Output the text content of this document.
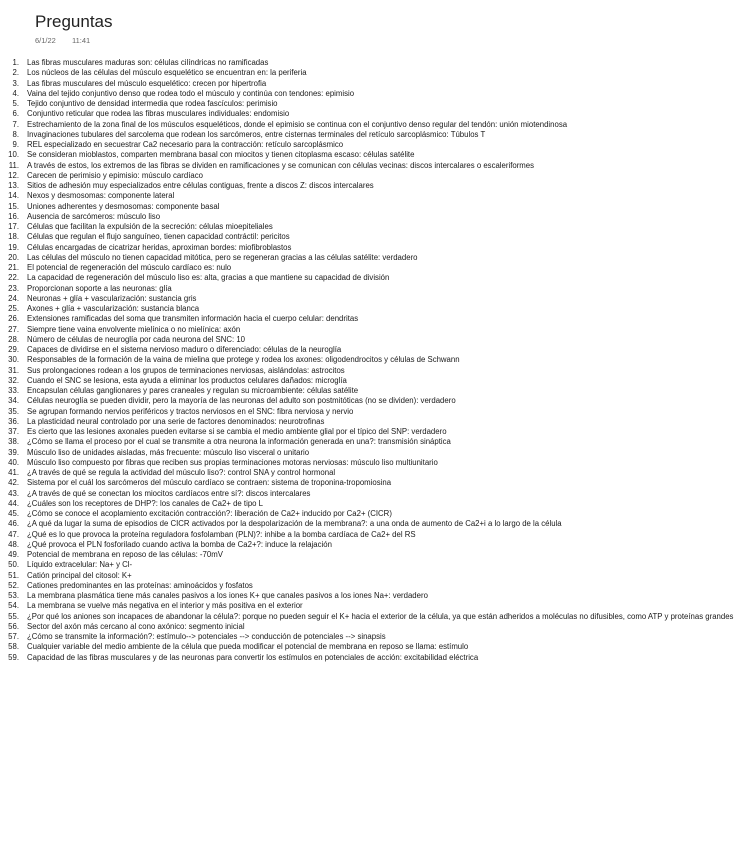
Preguntas
6/1/22 11:41
1. Las fibras musculares maduras son: células cilíndricas no ramificadas
2. Los núcleos de las células del músculo esquelético se encuentran en: la periferia
3. Las fibras musculares del músculo esquelético: crecen por hipertrofia
4. Vaina del tejido conjuntivo denso que rodea todo el músculo y continúa con tendones: epimisio
5. Tejido conjuntivo de densidad intermedia que rodea fascículos: perimisio
6. Conjuntivo reticular que rodea las fibras musculares individuales: endomisio
7. Estrechamiento de la zona final de los músculos esqueléticos, donde el epimisio se continua con el conjuntivo denso regular del tendón: unión miotendinosa
8. Invaginaciones tubulares del sarcolema que rodean los sarcómeros, entre cisternas terminales del retículo sarcoplásmico: Túbulos T
9. REL especializado en secuestrar Ca2 necesario para la contracción: retículo sarcoplásmico
10. Se consideran mioblastos, comparten membrana basal con miocitos y tienen citoplasma escaso: células satélite
11. A través de estos, los extremos de las fibras se dividen en ramificaciones y se comunican con células vecinas: discos intercalares o escaleriformes
12. Carecen de perimisio y epimisio: músculo cardíaco
13. Sitios de adhesión muy especializados entre células contiguas, frente a discos Z: discos intercalares
14. Nexos y desmosomas: componente lateral
15. Uniones adherentes y desmosomas: componente basal
16. Ausencia de sarcómeros: músculo liso
17. Células que facilitan la expulsión de la secreción: células mioepiteliales
18. Células que regulan el flujo sanguíneo, tienen capacidad contráctil: pericitos
19. Células encargadas de cicatrizar heridas, aproximan bordes: miofibroblastos
20. Las células del músculo no tienen capacidad mitótica, pero se regeneran gracias a las células satélite: verdadero
21. El potencial de regeneración del músculo cardíaco es: nulo
22. La capacidad de regeneración del músculo liso es: alta, gracias a que mantiene su capacidad de división
23. Proporcionan soporte a las neuronas: glía
24. Neuronas + glía + vascularización: sustancia gris
25. Axones + glía + vascularización: sustancia blanca
26. Extensiones ramificadas del soma que transmiten información hacia el cuerpo celular: dendritas
27. Siempre tiene vaina envolvente mielínica o no mielínica: axón
28. Número de células de neuroglía por cada neurona del SNC: 10
29. Capaces de dividirse en el sistema nervioso maduro o diferenciado: células de la neuroglía
30. Responsables de la formación de la vaina de mielina que protege y rodea los axones: oligodendrocitos y células de Schwann
31. Sus prolongaciones rodean a los grupos de terminaciones nerviosas, aislándolas: astrocitos
32. Cuando el SNC se lesiona, esta ayuda a eliminar los productos celulares dañados: microglía
33. Encapsulan células ganglionares y pares craneales y regulan su microambiente: células satélite
34. Células neuroglía se pueden dividir, pero la mayoría de las neuronas del adulto son postmitóticas (no se dividen): verdadero
35. Se agrupan formando nervios periféricos y tractos nerviosos en el SNC: fibra nerviosa y nervio
36. La plasticidad neural controlado por una serie de factores denominados: neurotrofinas
37. Es cierto que las lesiones axonales pueden evitarse si se cambia el medio ambiente glial por el típico del SNP: verdadero
38. ¿Cómo se llama el proceso por el cual se transmite a otra neurona la información generada en una?: transmisión sináptica
39. Músculo liso de unidades aisladas, más frecuente: músculo liso visceral o unitario
40. Músculo liso compuesto por fibras que reciben sus propias terminaciones motoras nerviosas: músculo liso multiunitario
41. ¿A través de qué se regula la actividad del músculo liso?: control SNA y control hormonal
42. Sistema por el cuál los sarcómeros del músculo cardíaco se contraen: sistema de troponina-tropomiosina
43. ¿A través de qué se conectan los miocitos cardíacos entre sí?: discos intercalares
44. ¿Cuáles son los receptores de DHP?: los canales de Ca2+ de tipo L
45. ¿Cómo se conoce el acoplamiento excitación contracción?: liberación de Ca2+ inducido por Ca2+ (CICR)
46. ¿A qué da lugar la suma de episodios de CICR activados por la despolarización de la membrana?: a una onda de aumento de Ca2+i a lo largo de la célula
47. ¿Qué es lo que provoca la proteína reguladora fosfolamban (PLN)?: inhibe a la bomba cardíaca de Ca2+ del RS
48. ¿Qué provoca el PLN fosforilado cuando activa la bomba de Ca2+?: induce la relajación
49. Potencial de membrana en reposo de las células: -70mV
50. Líquido extracelular: Na+ y Cl-
51. Catión principal del citosol: K+
52. Cationes predominantes en las proteínas: aminoácidos y fosfatos
53. La membrana plasmática tiene más canales pasivos a los iones K+ que canales pasivos a los iones Na+: verdadero
54. La membrana se vuelve más negativa en el interior y más positiva en el exterior
55. ¿Por qué los aniones son incapaces de abandonar la célula?: porque no pueden seguir el K+ hacia el exterior de la célula, ya que están adheridos a moléculas no difusibles, como ATP y proteínas grandes
56. Sector del axón más cercano al cono axónico: segmento inicial
57. ¿Cómo se transmite la información?: estímulo--> potenciales --> conducción de potenciales --> sinapsis
58. Cualquier variable del medio ambiente de la célula que pueda modificar el potencial de membrana en reposo se llama: estímulo
59. Capacidad de las fibras musculares y de las neuronas para convertir los estímulos en potenciales de acción: excitabilidad eléctrica
